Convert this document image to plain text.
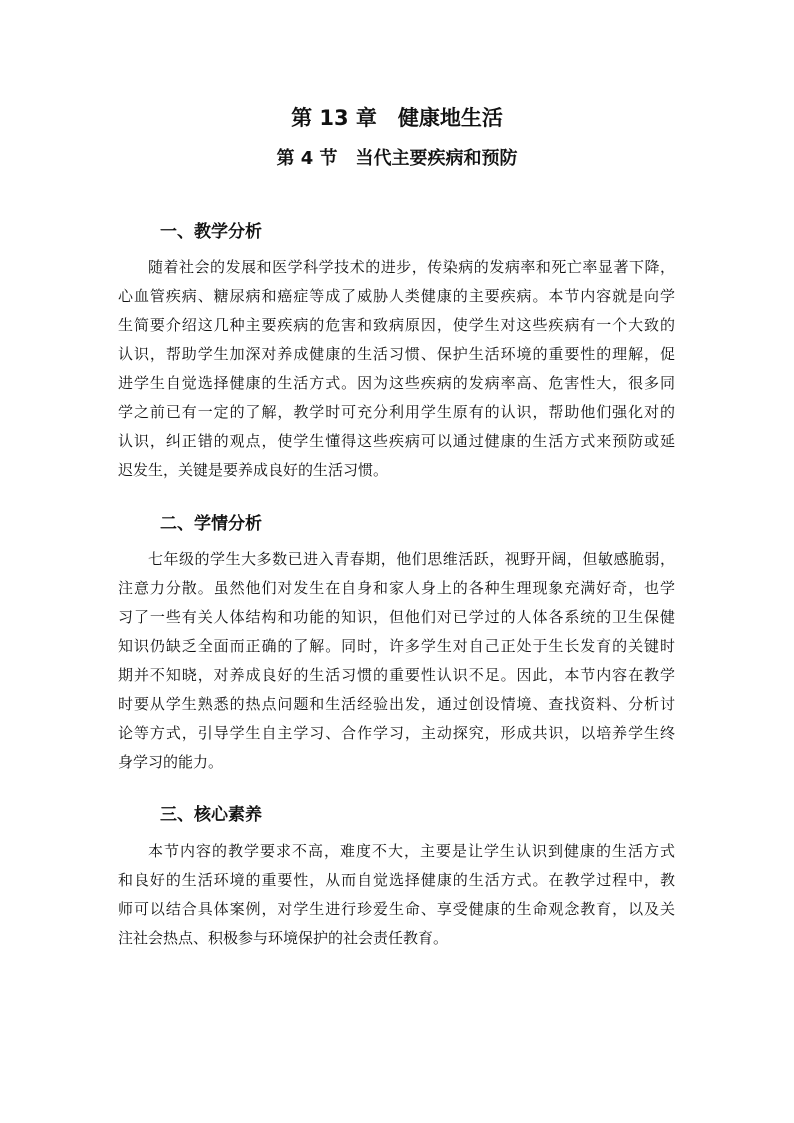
第 13 章　健康地生活
第 4 节　当代主要疾病和预防
一、教学分析
随着社会的发展和医学科学技术的进步，传染病的发病率和死亡率显著下降，
心血管疾病、糖尿病和癌症等成了威胁人类健康的主要疾病。本节内容就是向学
生简要介绍这几种主要疾病的危害和致病原因，使学生对这些疾病有一个大致的
认识，帮助学生加深对养成健康的生活习惯、保护生活环境的重要性的理解，促
进学生自觉选择健康的生活方式。因为这些疾病的发病率高、危害性大，很多同
学之前已有一定的了解，教学时可充分利用学生原有的认识，帮助他们强化对的
认识，纠正错的观点，使学生懂得这些疾病可以通过健康的生活方式来预防或延
迟发生，关键是要养成良好的生活习惯。
二、学情分析
七年级的学生大多数已进入青春期，他们思维活跃，视野开阔，但敏感脆弱，
注意力分散。虽然他们对发生在自身和家人身上的各种生理现象充满好奇，也学
习了一些有关人体结构和功能的知识，但他们对已学过的人体各系统的卫生保健
知识仍缺乏全面而正确的了解。同时，许多学生对自己正处于生长发育的关键时
期并不知晓，对养成良好的生活习惯的重要性认识不足。因此，本节内容在教学
时要从学生熟悉的热点问题和生活经验出发，通过创设情境、查找资料、分析讨
论等方式，引导学生自主学习、合作学习，主动探究，形成共识，以培养学生终
身学习的能力。
三、核心素养
本节内容的教学要求不高，难度不大，主要是让学生认识到健康的生活方式
和良好的生活环境的重要性，从而自觉选择健康的生活方式。在教学过程中，教
师可以结合具体案例，对学生进行珍爱生命、享受健康的生命观念教育，以及关
注社会热点、积极参与环境保护的社会责任教育。
